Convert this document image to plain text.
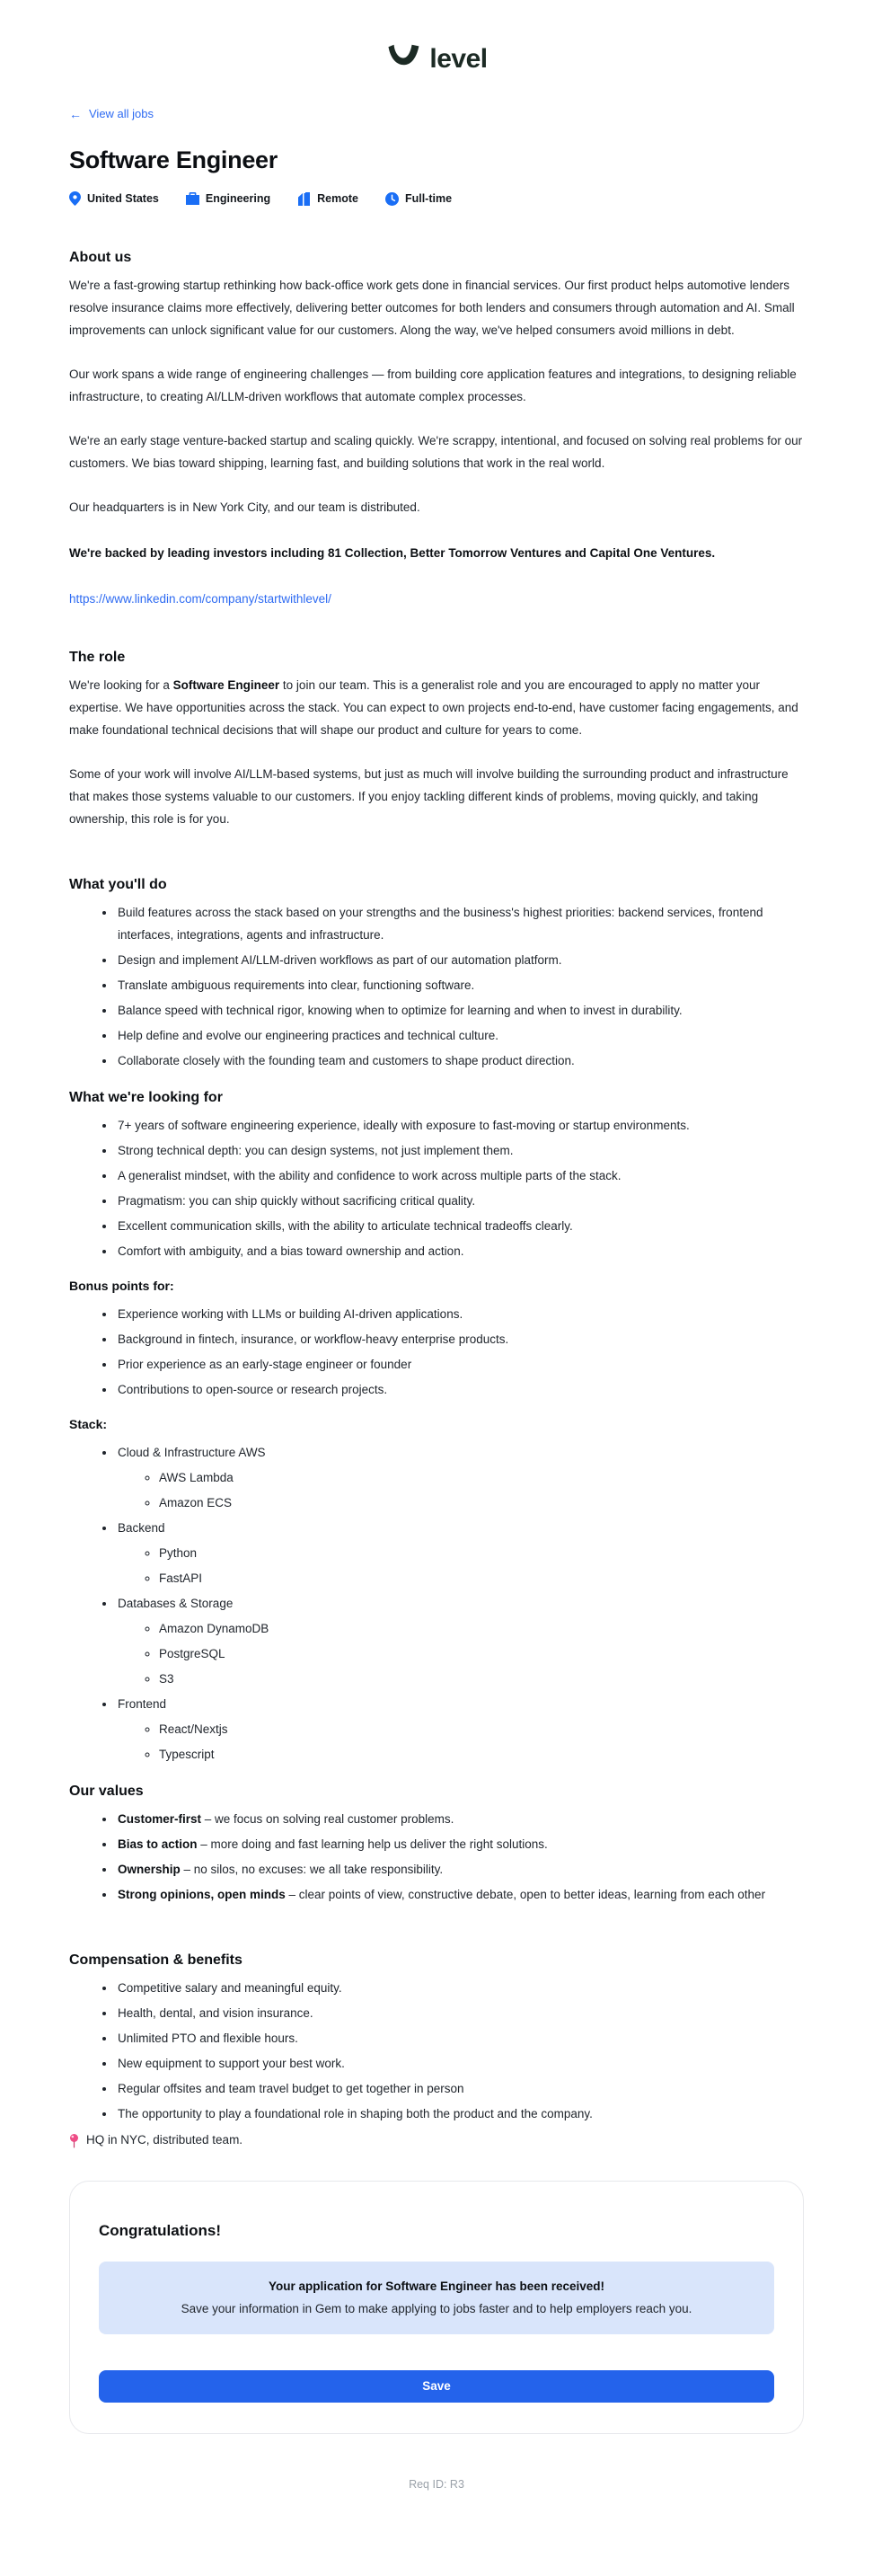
level
← View all jobs
Software Engineer
United States	Engineering	Remote	Full-time
About us

We're a fast-growing startup rethinking how back-office work gets done in financial services. Our first product helps automotive lenders resolve insurance claims more effectively, delivering better outcomes for both lenders and consumers through automation and AI. Small improvements can unlock significant value for our customers. Along the way, we've helped consumers avoid millions in debt.

Our work spans a wide range of engineering challenges — from building core application features and integrations, to designing reliable infrastructure, to creating AI/LLM-driven workflows that automate complex processes.

We're an early stage venture-backed startup and scaling quickly. We're scrappy, intentional, and focused on solving real problems for our customers. We bias toward shipping, learning fast, and building solutions that work in the real world.

Our headquarters is in New York City, and our team is distributed.

We're backed by leading investors including 81 Collection, Better Tomorrow Ventures and Capital One Ventures.

https://www.linkedin.com/company/startwithlevel/

The role

We're looking for a Software Engineer to join our team. This is a generalist role and you are encouraged to apply no matter your expertise. We have opportunities across the stack. You can expect to own projects end-to-end, have customer facing engagements, and make foundational technical decisions that will shape our product and culture for years to come.

Some of your work will involve AI/LLM-based systems, but just as much will involve building the surrounding product and infrastructure that makes those systems valuable to our customers. If you enjoy tackling different kinds of problems, moving quickly, and taking ownership, this role is for you.

What you'll do
• Build features across the stack based on your strengths and the business's highest priorities: backend services, frontend interfaces, integrations, agents and infrastructure.
• Design and implement AI/LLM-driven workflows as part of our automation platform.
• Translate ambiguous requirements into clear, functioning software.
• Balance speed with technical rigor, knowing when to optimize for learning and when to invest in durability.
• Help define and evolve our engineering practices and technical culture.
• Collaborate closely with the founding team and customers to shape product direction.
What we're looking for
• 7+ years of software engineering experience, ideally with exposure to fast-moving or startup environments.
• Strong technical depth: you can design systems, not just implement them.
• A generalist mindset, with the ability and confidence to work across multiple parts of the stack.
• Pragmatism: you can ship quickly without sacrificing critical quality.
• Excellent communication skills, with the ability to articulate technical tradeoffs clearly.
• Comfort with ambiguity, and a bias toward ownership and action.

Bonus points for:

• Experience working with LLMs or building AI-driven applications.
• Background in fintech, insurance, or workflow-heavy enterprise products.
• Prior experience as an early-stage engineer or founder
• Contributions to open-source or research projects.

Stack:

• Cloud & Infrastructure AWS
◦ AWS Lambda
◦ Amazon ECS
• Backend
◦ Python
◦ FastAPI
• Databases & Storage
◦ Amazon DynamoDB
◦ PostgreSQL
◦ S3
• Frontend
◦ React/Nextjs
◦ Typescript
Our values
• Customer-first – we focus on solving real customer problems.
• Bias to action – more doing and fast learning help us deliver the right solutions.
• Ownership – no silos, no excuses: we all take responsibility.
• Strong opinions, open minds – clear points of view, constructive debate, open to better ideas, learning from each other
Compensation & benefits
• Competitive salary and meaningful equity.
• Health, dental, and vision insurance.
• Unlimited PTO and flexible hours.
• New equipment to support your best work.
• Regular offsites and team travel budget to get together in person
• The opportunity to play a foundational role in shaping both the product and the company.
HQ in NYC, distributed team.
Congratulations!

Your application for Software Engineer has been received!

Save your information in Gem to make applying to jobs faster and to help employers reach you.

Save
Req ID: R3
